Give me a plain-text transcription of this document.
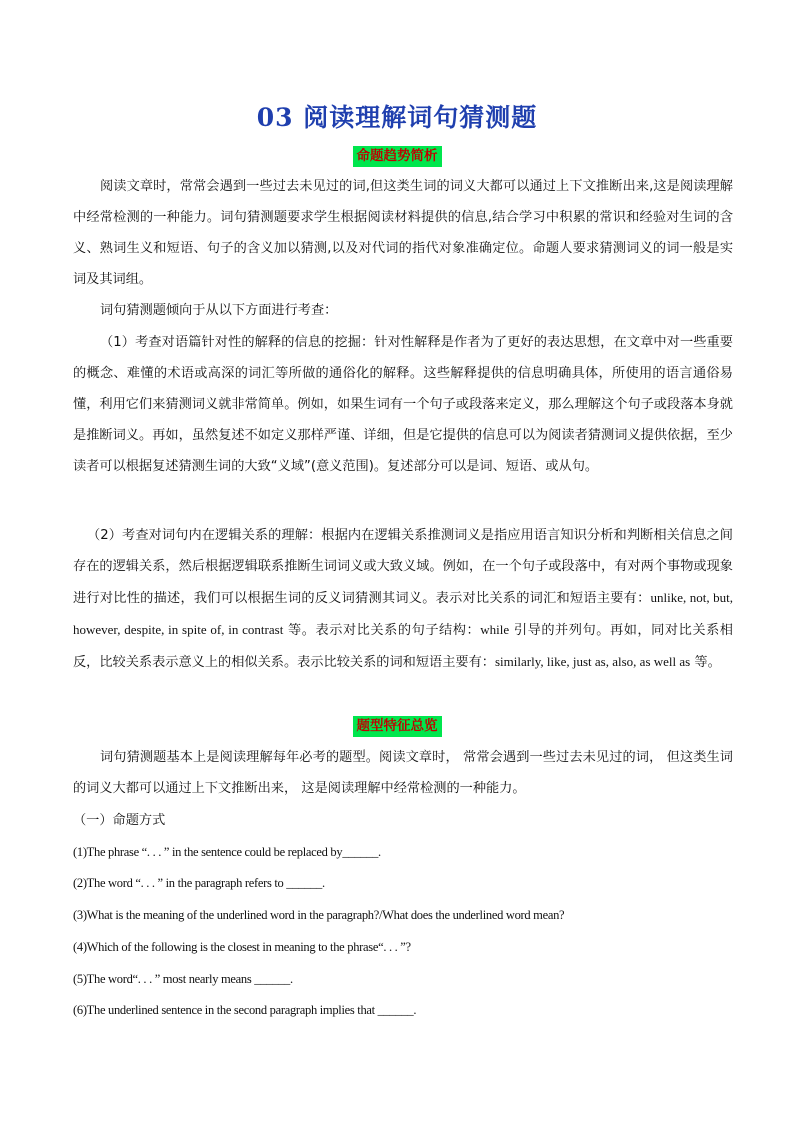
03 阅读理解词句猜测题
命题趋势简析

阅读文章时，常常会遇到一些过去未见过的词,但这类生词的词义大都可以通过上下文推断出来,这是阅读理解中经常检测的一种能力。词句猜测题要求学生根据阅读材料提供的信息,结合学习中积累的常识和经验对生词的含义、熟词生义和短语、句子的含义加以猜测,以及对代词的指代对象准确定位。命题人要求猜测词义的词一般是实词及其词组。

词句猜测题倾向于从以下方面进行考查：

（1）考查对语篇针对性的解释的信息的挖掘：针对性解释是作者为了更好的表达思想，在文章中对一些重要的概念、难懂的术语或高深的词汇等所做的通俗化的解释。这些解释提供的信息明确具体，所使用的语言通俗易懂，利用它们来猜测词义就非常简单。例如，如果生词有一个句子或段落来定义，那么理解这个句子或段落本身就是推断词义。再如，虽然复述不如定义那样严谨、详细，但是它提供的信息可以为阅读者猜测词义提供依据，至少读者可以根据复述猜测生词的大致“义域”(意义范围)。复述部分可以是词、短语、或从句。

（2）考查对词句内在逻辑关系的理解：根据内在逻辑关系推测词义是指应用语言知识分析和判断相关信息之间存在的逻辑关系，然后根据逻辑联系推断生词词义或大致义域。例如，在一个句子或段落中，有对两个事物或现象进行对比性的描述，我们可以根据生词的反义词猜测其词义。表示对比关系的词汇和短语主要有：unlike, not, but, however, despite, in spite of, in contrast 等。表示对比关系的句子结构：while 引导的并列句。再如，同对比关系相反，比较关系表示意义上的相似关系。表示比较关系的词和短语主要有：similarly, like, just as, also, as well as 等。

题型特征总览

词句猜测题基本上是阅读理解每年必考的题型。阅读文章时， 常常会遇到一些过去未见过的词， 但这类生词的词义大都可以通过上下文推断出来， 这是阅读理解中经常检测的一种能力。

（一）命题方式

(1)The phrase “. . . ” in the sentence could be replaced by______.
(2)The word “. . . ” in the paragraph refers to ______.
(3)What is the meaning of the underlined word in the paragraph?/What does the underlined word mean?
(4)Which of the following is the closest in meaning to the phrase“. . . ”?
(5)The word“. . . ” most nearly means ______.
(6)The underlined sentence in the second paragraph implies that ______.
